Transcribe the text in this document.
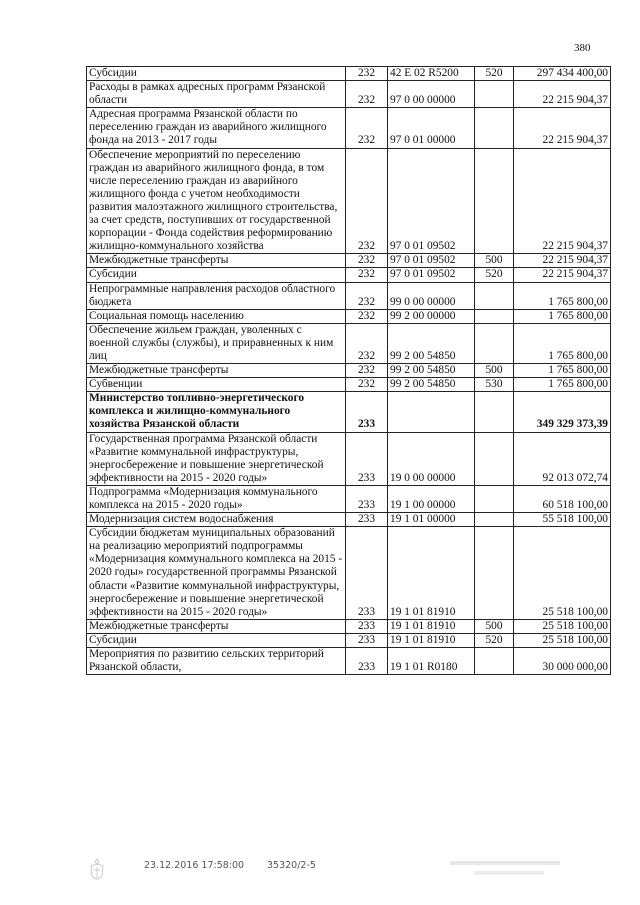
380
Субсидии	232	42 Е 02 R5200	520	297 434 400,00
Расходы в рамках адресных программ Рязанской области	232	97 0 00 00000		22 215 904,37
Адресная программа Рязанской области по переселению граждан из аварийного жилищного фонда на 2013 - 2017 годы	232	97 0 01 00000		22 215 904,37
Обеспечение мероприятий по переселению граждан из аварийного жилищного фонда, в том числе переселению граждан из аварийного жилищного фонда с учетом необходимости развития малоэтажного жилищного строительства, за счет средств, поступивших от государственной корпорации - Фонда содействия реформированию жилищно-коммунального хозяйства	232	97 0 01 09502		22 215 904,37
Межбюджетные трансферты	232	97 0 01 09502	500	22 215 904,37
Субсидии	232	97 0 01 09502	520	22 215 904,37
Непрограммные направления расходов областного бюджета	232	99 0 00 00000		1 765 800,00
Социальная помощь населению	232	99 2 00 00000		1 765 800,00
Обеспечение жильем граждан, уволенных с военной службы (службы), и приравненных к ним лиц	232	99 2 00 54850		1 765 800,00
Межбюджетные трансферты	232	99 2 00 54850	500	1 765 800,00
Субвенции	232	99 2 00 54850	530	1 765 800,00
Министерство топливно-энергетического комплекса и жилищно-коммунального хозяйства Рязанской области	233			349 329 373,39
Государственная программа Рязанской области «Развитие коммунальной инфраструктуры, энергосбережение и повышение энергетической эффективности на 2015 - 2020 годы»	233	19 0 00 00000		92 013 072,74
Подпрограмма «Модернизация коммунального комплекса на 2015 - 2020 годы»	233	19 1 00 00000		60 518 100,00
Модернизация систем водоснабжения	233	19 1 01 00000		55 518 100,00
Субсидии бюджетам муниципальных образований на реализацию мероприятий подпрограммы «Модернизация коммунального комплекса на 2015 - 2020 годы» государственной программы Рязанской области «Развитие коммунальной инфраструктуры, энергосбережение и повышение энергетической эффективности на 2015 - 2020 годы»	233	19 1 01 81910		25 518 100,00
Межбюджетные трансферты	233	19 1 01 81910	500	25 518 100,00
Субсидии	233	19 1 01 81910	520	25 518 100,00
Мероприятия по развитию сельских территорий Рязанской области,	233	19 1 01 R0180		30 000 000,00
23.12.2016 17:58:00 35320/2-5
